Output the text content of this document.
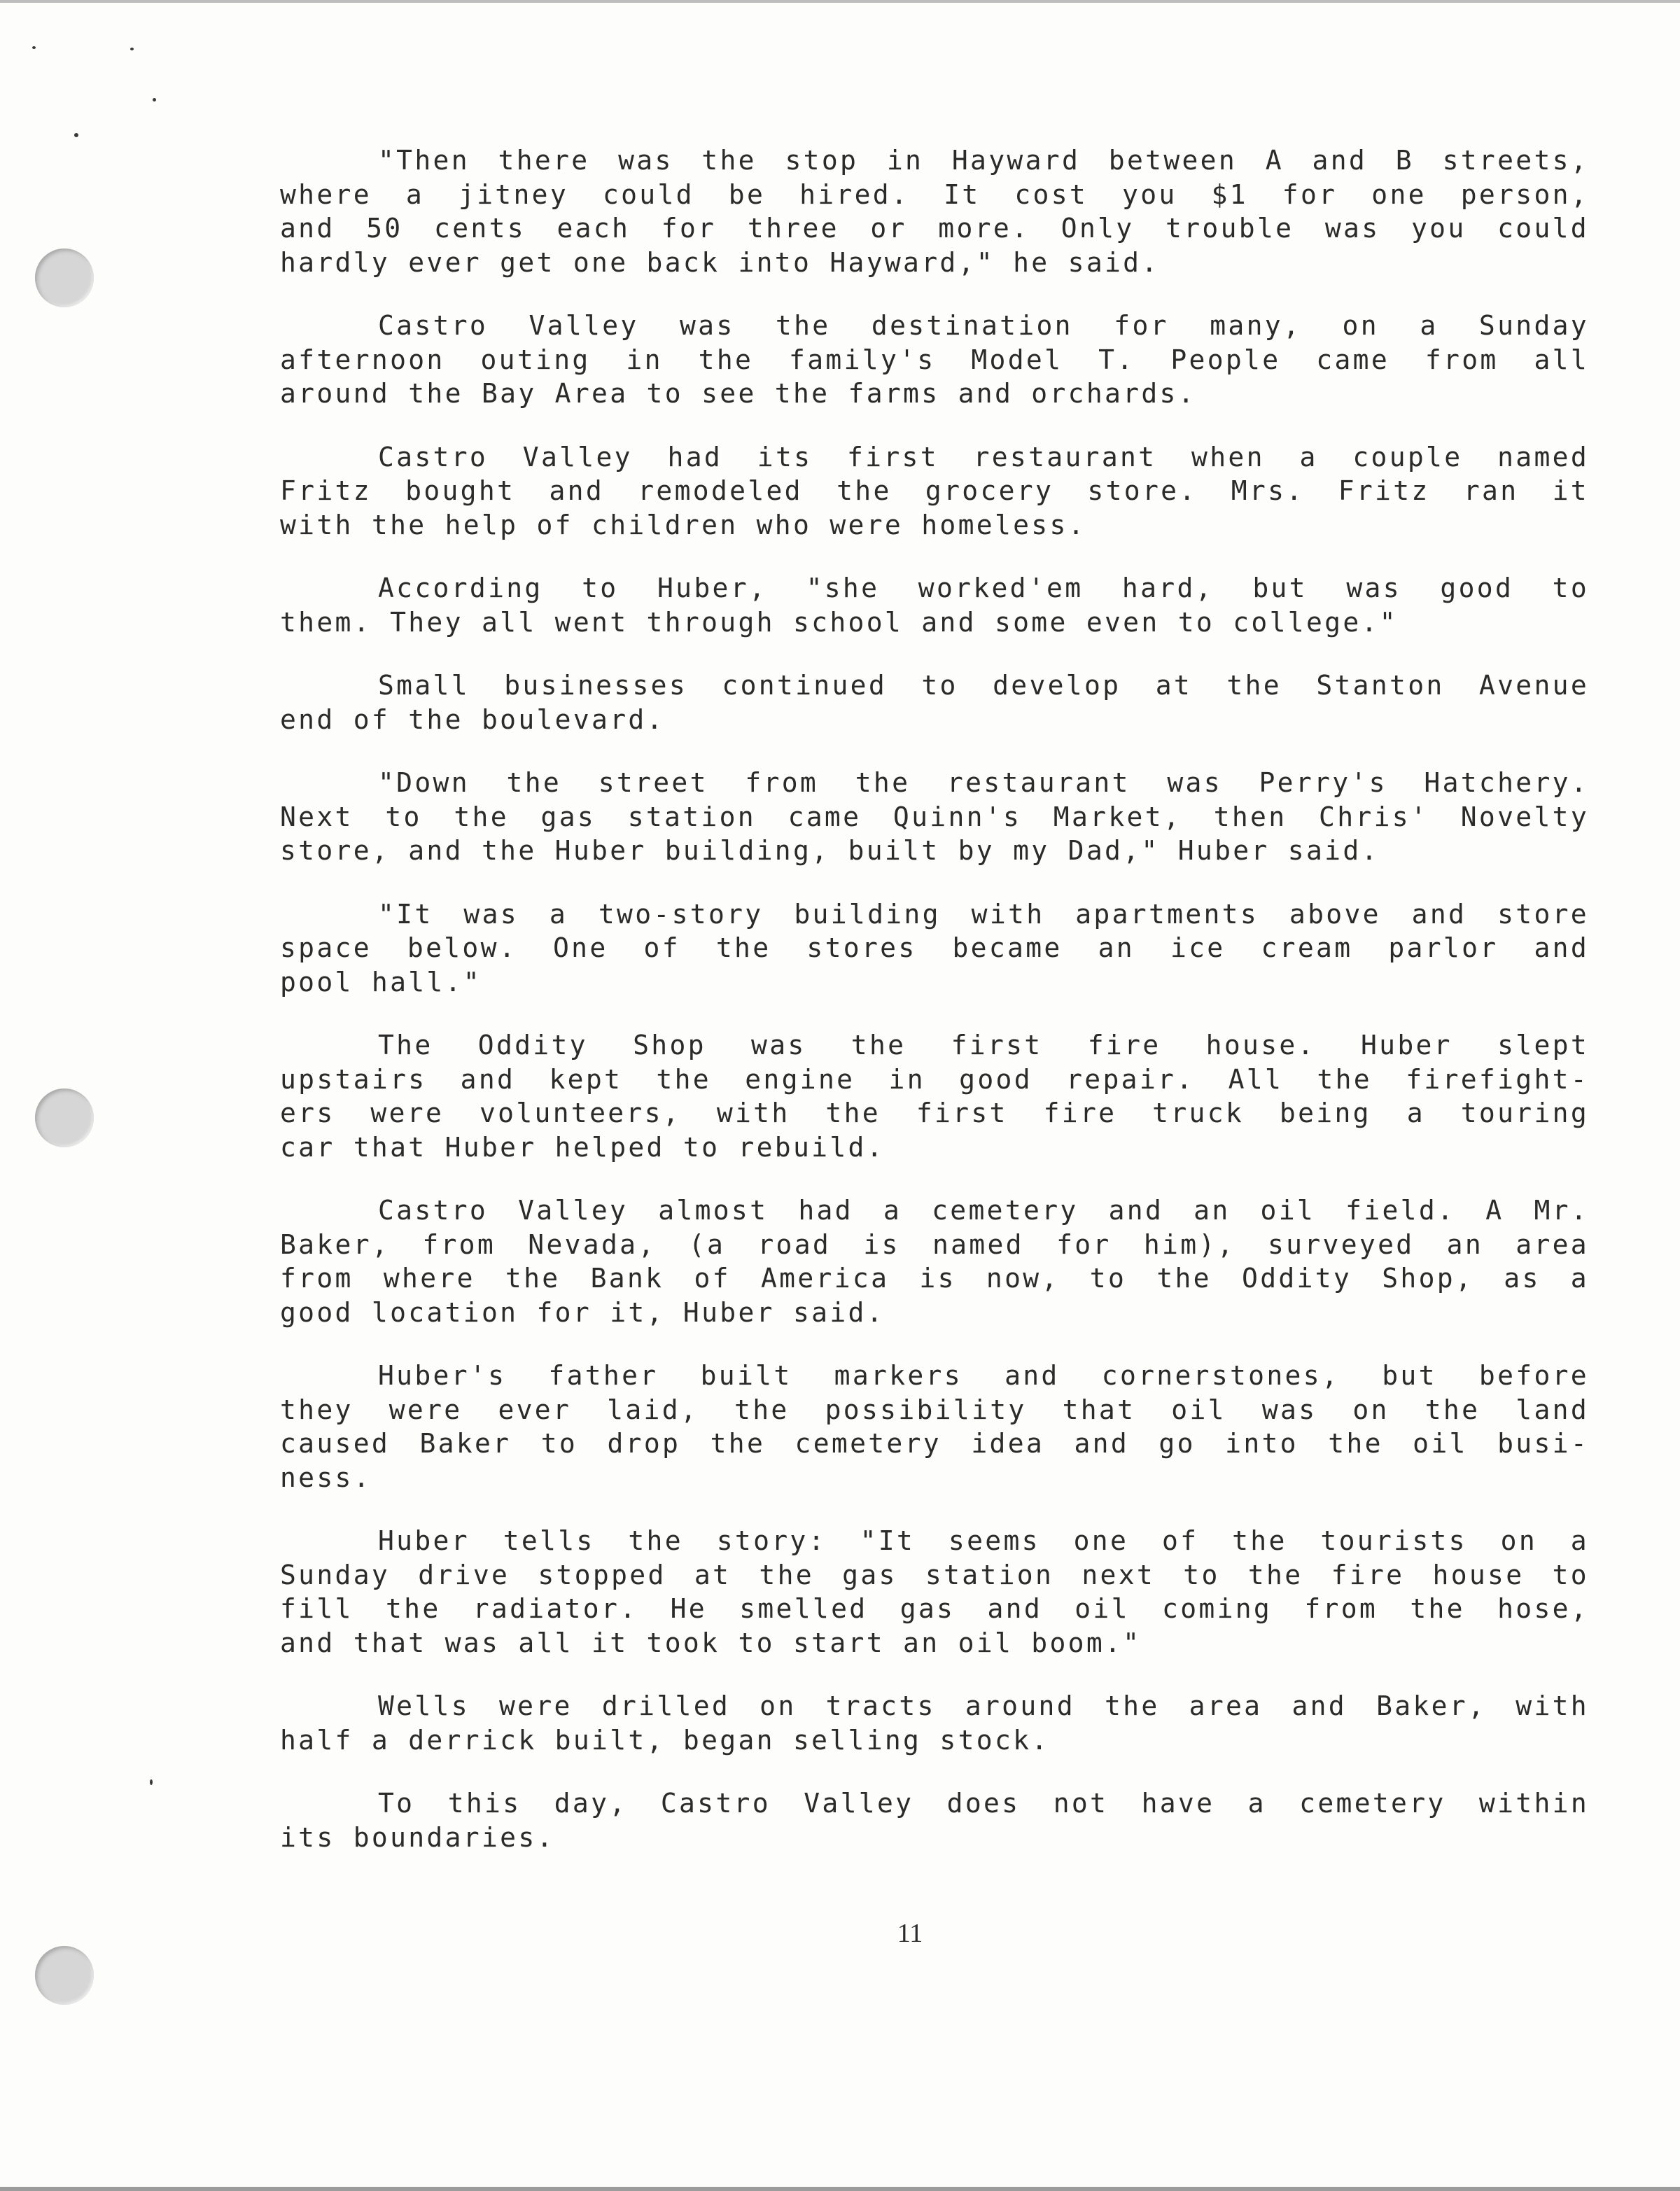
"Then there was the stop in Hayward between A and B streets,
where a jitney could be hired. It cost you $1 for one person,
and 50 cents each for three or more. Only trouble was you could
hardly ever get one back into Hayward," he said.
Castro Valley was the destination for many, on a Sunday
afternoon outing in the family's Model T. People came from all
around the Bay Area to see the farms and orchards.
Castro Valley had its first restaurant when a couple named
Fritz bought and remodeled the grocery store. Mrs. Fritz ran it
with the help of children who were homeless.
According to Huber, "she worked'em hard, but was good to
them. They all went through school and some even to college."
Small businesses continued to develop at the Stanton Avenue
end of the boulevard.
"Down the street from the restaurant was Perry's Hatchery.
Next to the gas station came Quinn's Market, then Chris' Novelty
store, and the Huber building, built by my Dad," Huber said.
"It was a two-story building with apartments above and store
space below. One of the stores became an ice cream parlor and
pool hall."
The Oddity Shop was the first fire house. Huber slept
upstairs and kept the engine in good repair. All the firefight-
ers were volunteers, with the first fire truck being a touring
car that Huber helped to rebuild.
Castro Valley almost had a cemetery and an oil field. A Mr.
Baker, from Nevada, (a road is named for him), surveyed an area
from where the Bank of America is now, to the Oddity Shop, as a
good location for it, Huber said.
Huber's father built markers and cornerstones, but before
they were ever laid, the possibility that oil was on the land
caused Baker to drop the cemetery idea and go into the oil busi-
ness.
Huber tells the story: "It seems one of the tourists on a
Sunday drive stopped at the gas station next to the fire house to
fill the radiator. He smelled gas and oil coming from the hose,
and that was all it took to start an oil boom."
Wells were drilled on tracts around the area and Baker, with
half a derrick built, began selling stock.
To this day, Castro Valley does not have a cemetery within
its boundaries.
11
